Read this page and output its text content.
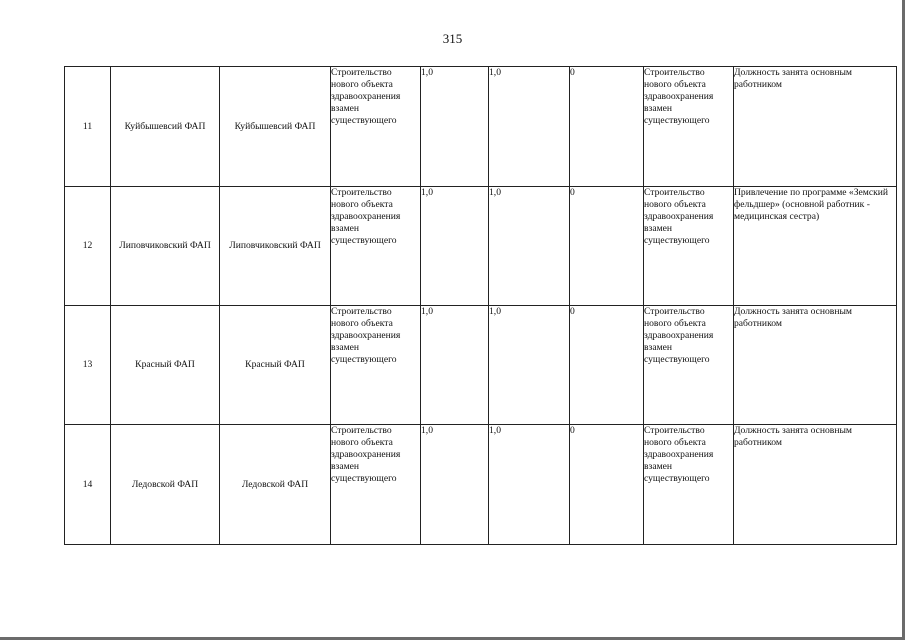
315
11	Куйбышевсий ФАП	Куйбышевсий ФАП	Строительство нового объекта здравоохранения взамен существующего	1,0	1,0	0	Строительство нового объекта здравоохранения взамен существующего	Должность занята основным работником
12	Липовчиковский ФАП	Липовчиковский ФАП	Строительство нового объекта здравоохранения взамен существующего	1,0	1,0	0	Строительство нового объекта здравоохранения взамен существующего	Привлечение по программе «Земский фельдшер» (основной работник - медицинская сестра)
13	Красный ФАП	Красный ФАП	Строительство нового объекта здравоохранения взамен существующего	1,0	1,0	0	Строительство нового объекта здравоохранения взамен существующего	Должность занята основным работником
14	Ледовской ФАП	Ледовской ФАП	Строительство нового объекта здравоохранения взамен существующего	1,0	1,0	0	Строительство нового объекта здравоохранения взамен существующего	Должность занята основным работником
